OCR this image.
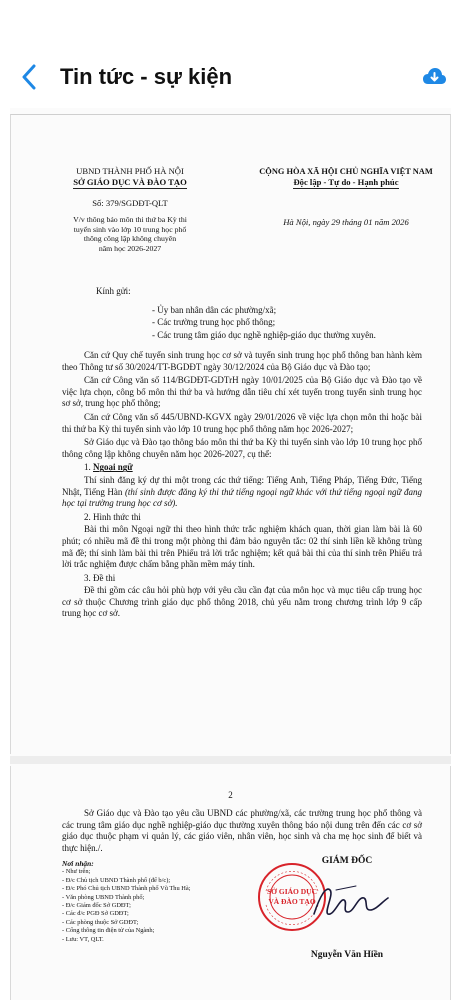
Tin tức - sự kiện
UBND THÀNH PHỐ HÀ NỘI
SỞ GIÁO DỤC VÀ ĐÀO TẠO
Số: 379/SGDĐT-QLT
V/v thông báo môn thi thứ ba Kỳ thi
tuyển sinh vào lớp 10 trung học phổ
thông công lập không chuyên
năm học 2026-2027
CỘNG HÒA XÃ HỘI CHỦ NGHĨA VIỆT NAM
Độc lập - Tự do - Hạnh phúc
Hà Nội, ngày 29 tháng 01 năm 2026
Kính gửi:
- Ủy ban nhân dân các phường/xã;
- Các trường trung học phổ thông;
- Các trung tâm giáo dục nghề nghiệp-giáo dục thường xuyên.

Căn cứ Quy chế tuyển sinh trung học cơ sở và tuyển sinh trung học phổ thông ban hành kèm theo Thông tư số 30/2024/TT-BGDĐT ngày 30/12/2024 của Bộ Giáo dục và Đào tạo;

Căn cứ Công văn số 114/BGDĐT-GDTrH ngày 10/01/2025 của Bộ Giáo dục và Đào tạo về việc lựa chọn, công bố môn thi thứ ba và hướng dẫn tiêu chí xét tuyển trong tuyển sinh trung học sơ sở, trung học phổ thông;

Căn cứ Công văn số 445/UBND-KGVX ngày 29/01/2026 về việc lựa chọn môn thi hoặc bài thi thứ ba Kỳ thi tuyển sinh vào lớp 10 trung học phổ thông năm học 2026-2027;

Sở Giáo dục và Đào tạo thông báo môn thi thứ ba Kỳ thi tuyển sinh vào lớp 10 trung học phổ thông công lập không chuyên năm học 2026-2027, cụ thể:

1. Ngoại ngữ

Thí sinh đăng ký dự thi một trong các thứ tiếng: Tiếng Anh, Tiếng Pháp, Tiếng Đức, Tiếng Nhật, Tiếng Hàn (thí sinh được đăng ký thi thứ tiếng ngoại ngữ khác với thứ tiếng ngoại ngữ đang học tại trường trung học cơ sở).

2. Hình thức thi

Bài thi môn Ngoại ngữ thi theo hình thức trắc nghiệm khách quan, thời gian làm bài là 60 phút; có nhiều mã đề thi trong một phòng thi đảm bảo nguyên tắc: 02 thí sinh liền kề không trùng mã đề; thí sinh làm bài thi trên Phiếu trả lời trắc nghiệm; kết quả bài thi của thí sinh trên Phiếu trả lời trắc nghiệm được chấm bằng phần mềm máy tính.

3. Đề thi

Đề thi gồm các câu hỏi phù hợp với yêu cầu cần đạt của môn học và mục tiêu cấp trung học cơ sở thuộc Chương trình giáo dục phổ thông 2018, chủ yếu nằm trong chương trình lớp 9 cấp trung học cơ sở.

2

Sở Giáo dục và Đào tạo yêu cầu UBND các phường/xã, các trường trung học phổ thông và các trung tâm giáo dục nghề nghiệp-giáo dục thường xuyên thông báo nội dung trên đến các cơ sở giáo dục thuộc phạm vi quản lý, các giáo viên, nhân viên, học sinh và cha mẹ học sinh để biết và thực hiện./.

Nơi nhận:
- Như trên;
- Đ/c Chủ tịch UBND Thành phố (để b/c);
- Đ/c Phó Chủ tịch UBND Thành phố Vũ Thu Hà;
- Văn phòng UBND Thành phố;
- Đ/c Giám đốc Sở GDĐT;
- Các đ/c PGĐ Sở GDĐT;
- Các phòng thuộc Sở GDĐT;
- Cổng thông tin điện tử của Ngành;
- Lưu: VT, QLT.
GIÁM ĐỐC
SỞ GIÁO DỤC
VÀ ĐÀO TẠO
Nguyễn Văn Hiền
